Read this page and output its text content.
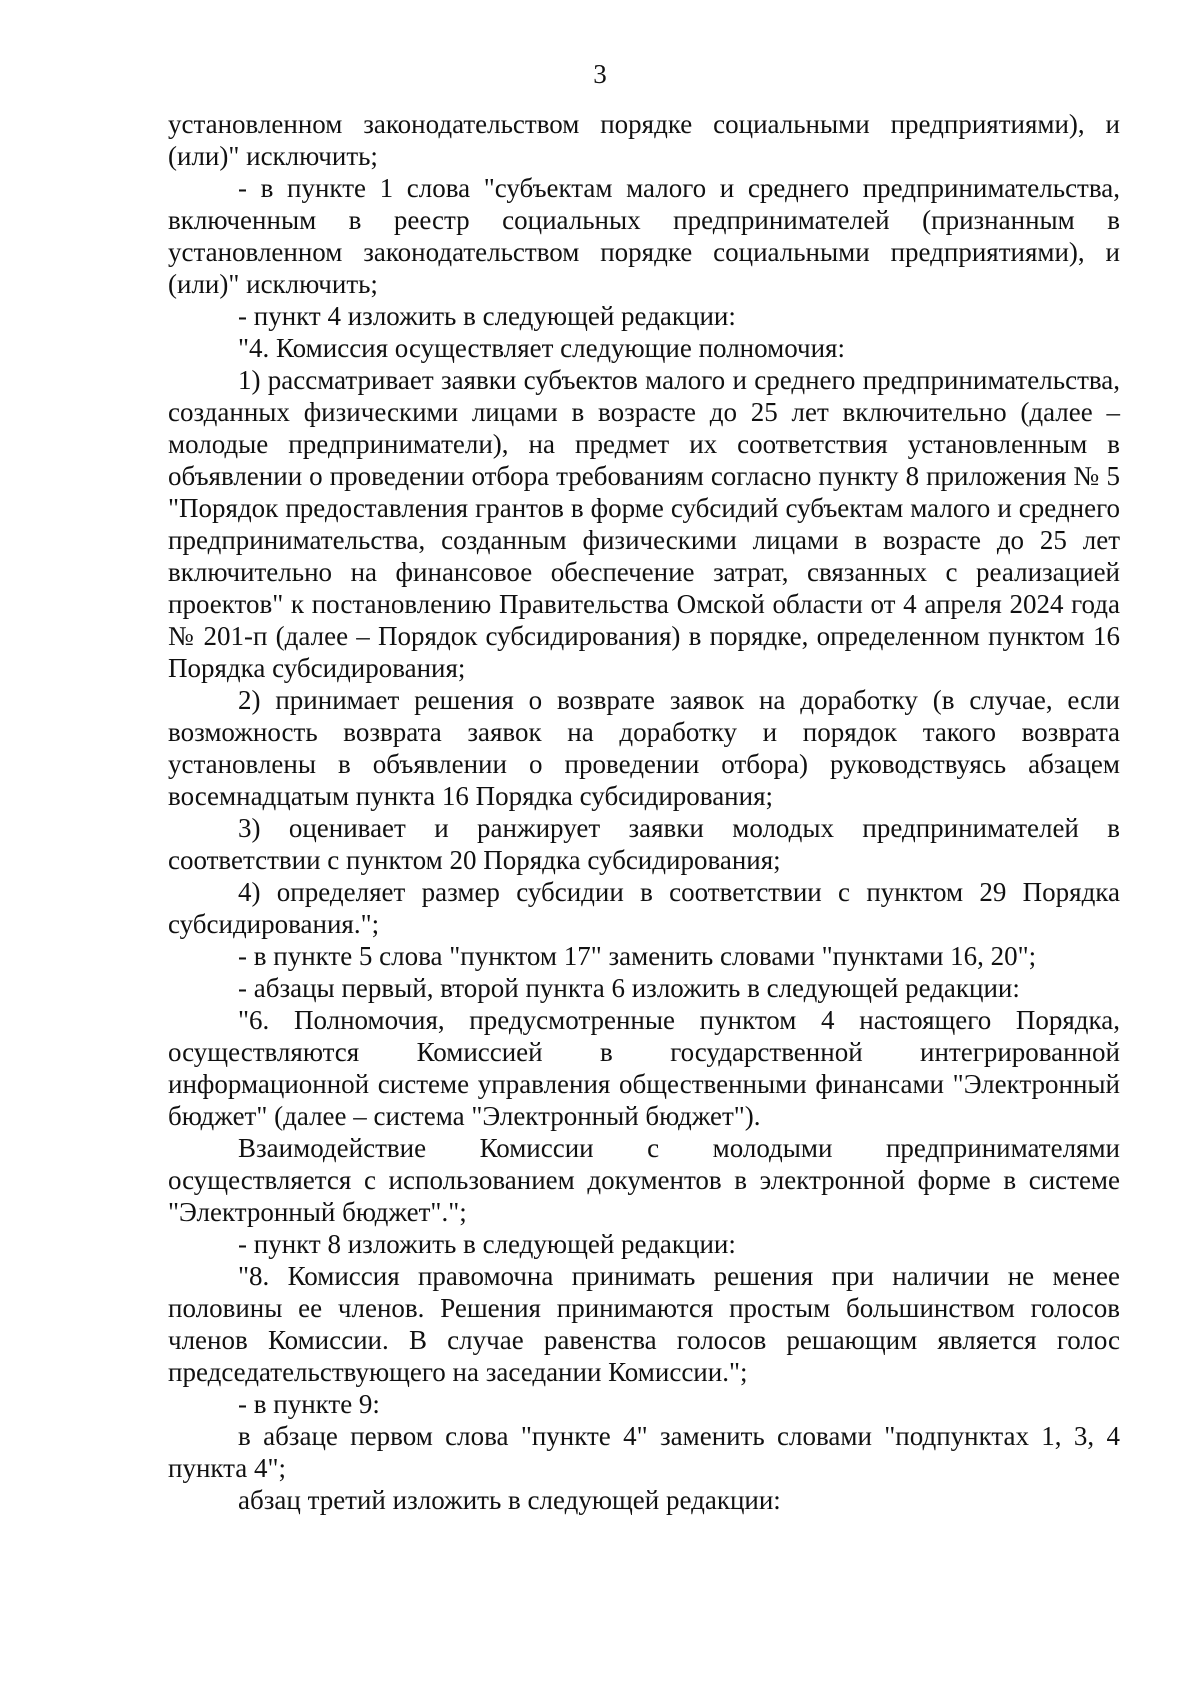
3

установленном законодательством порядке социальными предприятиями), и (или)" исключить;

- в пункте 1 слова "субъектам малого и среднего предпринимательства, включенным в реестр социальных предпринимателей (признанным в установленном законодательством порядке социальными предприятиями), и (или)" исключить;

- пункт 4 изложить в следующей редакции:

"4. Комиссия осуществляет следующие полномочия:

1) рассматривает заявки субъектов малого и среднего предпринимательства, созданных физическими лицами в возрасте до 25 лет включительно (далее – молодые предприниматели), на предмет их соответствия установленным в объявлении о проведении отбора требованиям согласно пункту 8 приложения № 5 "Порядок предоставления грантов в форме субсидий субъектам малого и среднего предпринимательства, созданным физическими лицами в возрасте до 25 лет включительно на финансовое обеспечение затрат, связанных с реализацией проектов" к постановлению Правительства Омской области от 4 апреля 2024 года № 201-п (далее – Порядок субсидирования) в порядке, определенном пунктом 16 Порядка субсидирования;

2) принимает решения о возврате заявок на доработку (в случае, если возможность возврата заявок на доработку и порядок такого возврата установлены в объявлении о проведении отбора) руководствуясь абзацем восемнадцатым пункта 16 Порядка субсидирования;

3) оценивает и ранжирует заявки молодых предпринимателей в соответствии с пунктом 20 Порядка субсидирования;

4) определяет размер субсидии в соответствии с пунктом 29 Порядка субсидирования.";

- в пункте 5 слова "пунктом 17" заменить словами "пунктами 16, 20";

- абзацы первый, второй пункта 6 изложить в следующей редакции:

"6. Полномочия, предусмотренные пунктом 4 настоящего Порядка, осуществляются Комиссией в государственной интегрированной информационной системе управления общественными финансами "Электронный бюджет" (далее – система "Электронный бюджет").

Взаимодействие Комиссии с молодыми предпринимателями осуществляется с использованием документов в электронной форме в системе "Электронный бюджет".";

- пункт 8 изложить в следующей редакции:

"8. Комиссия правомочна принимать решения при наличии не менее половины ее членов. Решения принимаются простым большинством голосов членов Комиссии. В случае равенства голосов решающим является голос председательствующего на заседании Комиссии.";

- в пункте 9:

в абзаце первом слова "пункте 4" заменить словами "подпунктах 1, 3, 4 пункта 4";

абзац третий изложить в следующей редакции:
